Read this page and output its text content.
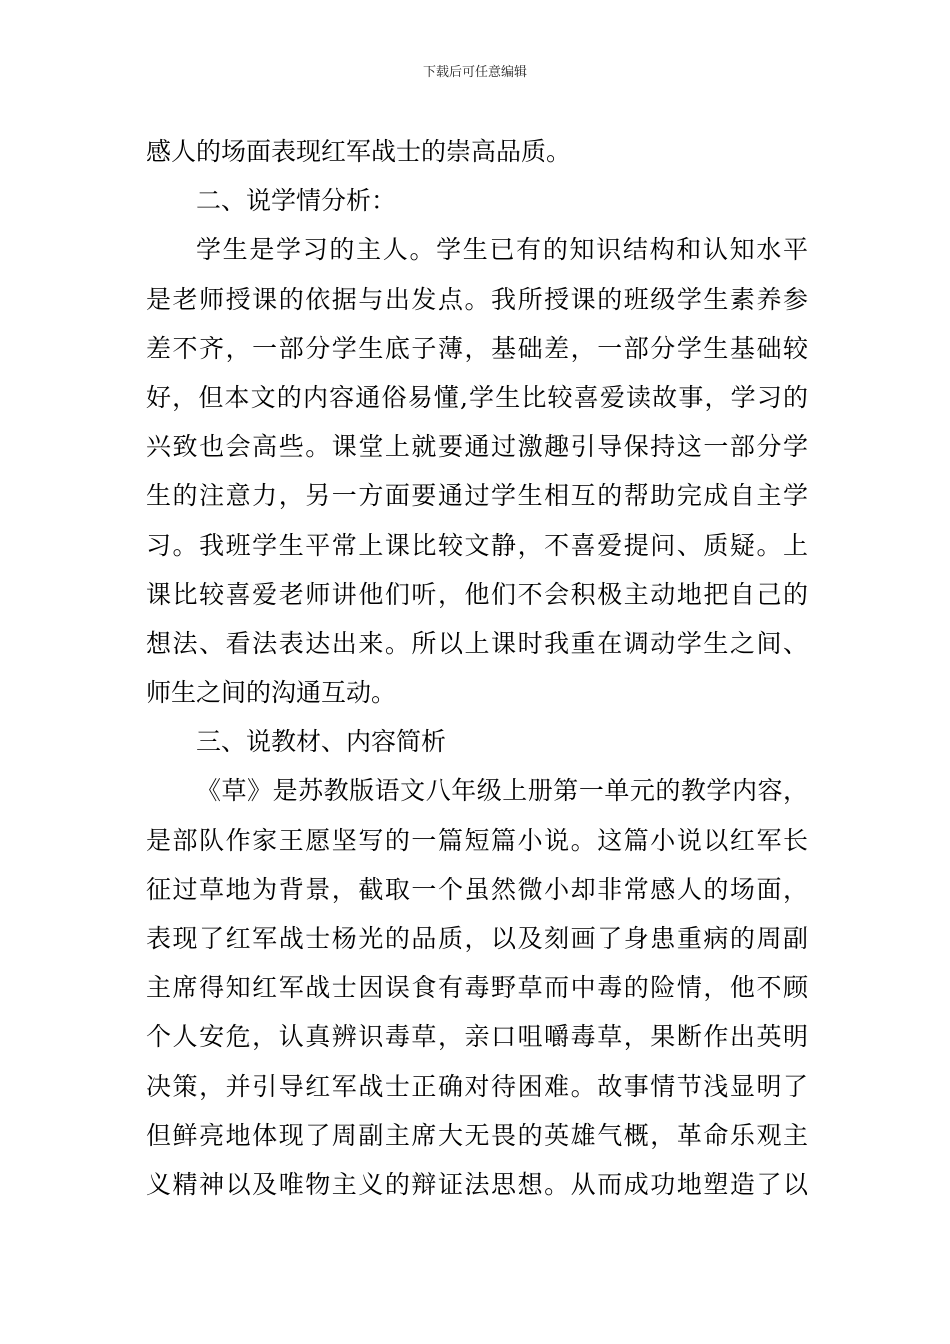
下载后可任意编辑
感人的场面表现红军战士的崇高品质。
二、说学情分析：
学生是学习的主人。学生已有的知识结构和认知水平
是老师授课的依据与出发点。我所授课的班级学生素养参
差不齐，一部分学生底子薄，基础差，一部分学生基础较
好，但本文的内容通俗易懂,学生比较喜爱读故事，学习的
兴致也会高些。课堂上就要通过激趣引导保持这一部分学
生的注意力，另一方面要通过学生相互的帮助完成自主学
习。我班学生平常上课比较文静，不喜爱提问、质疑。上
课比较喜爱老师讲他们听，他们不会积极主动地把自己的
想法、看法表达出来。所以上课时我重在调动学生之间、
师生之间的沟通互动。
三、说教材、内容简析
《草》是苏教版语文八年级上册第一单元的教学内容，
是部队作家王愿坚写的一篇短篇小说。这篇小说以红军长
征过草地为背景，截取一个虽然微小却非常感人的场面，
表现了红军战士杨光的品质，以及刻画了身患重病的周副
主席得知红军战士因误食有毒野草而中毒的险情，他不顾
个人安危，认真辨识毒草，亲口咀嚼毒草，果断作出英明
决策，并引导红军战士正确对待困难。故事情节浅显明了
但鲜亮地体现了周副主席大无畏的英雄气概，革命乐观主
义精神以及唯物主义的辩证法思想。从而成功地塑造了以
